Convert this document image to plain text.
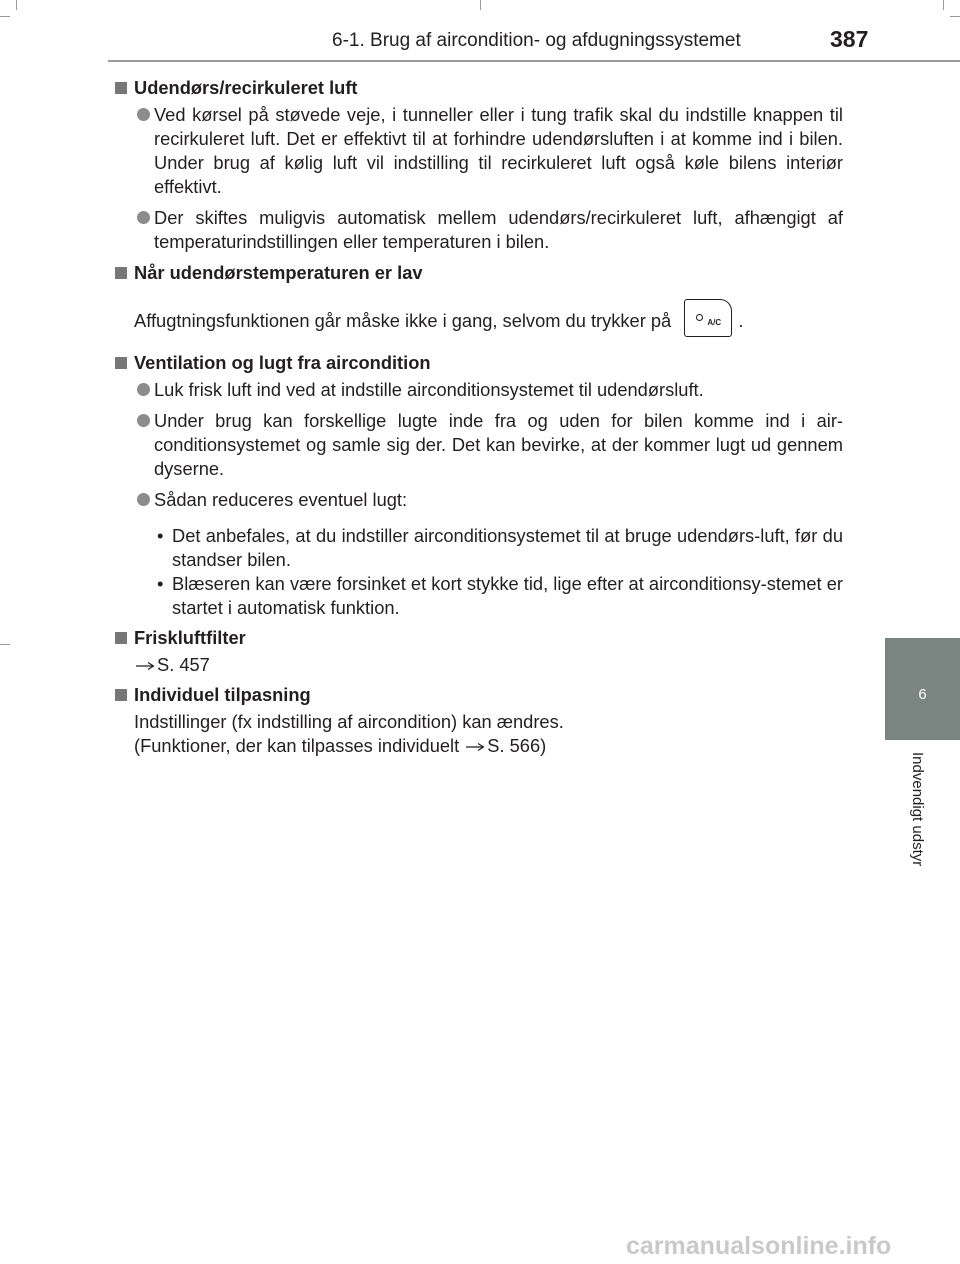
6-1. Brug af aircondition- og afdugningssystemet	387
6
Indvendigt udstyr
Udendørs/recirkuleret luft
Ved kørsel på støvede veje, i tunneller eller i tung trafik skal du indstille knappen til recirkuleret luft. Det er effektivt til at forhindre udendørsluften i at komme ind i bilen. Under brug af kølig luft vil indstilling til recirkuleret luft også køle bilens interiør effektivt.
Der skiftes muligvis automatisk mellem udendørs/recirkuleret luft, afhængigt af temperaturindstillingen eller temperaturen i bilen.
Når udendørstemperaturen er lav
Affugtningsfunktionen går måske ikke i gang, selvom du trykker på	A/C .
Ventilation og lugt fra aircondition
Luk frisk luft ind ved at indstille airconditionsystemet til udendørsluft.
Under brug kan forskellige lugte inde fra og uden for bilen komme ind i air-conditionsystemet og samle sig der. Det kan bevirke, at der kommer lugt ud gennem dyserne.
Sådan reduceres eventuel lugt:
• Det anbefales, at du indstiller airconditionsystemet til at bruge udendørs-luft, før du standser bilen.
• Blæseren kan være forsinket et kort stykke tid, lige efter at airconditionsy-stemet er startet i automatisk funktion.
Friskluftfilter
S. 457
Individuel tilpasning
Indstillinger (fx indstilling af aircondition) kan ændres.
(Funktioner, der kan tilpasses individuelt S. 566)
carmanualsonline.info
